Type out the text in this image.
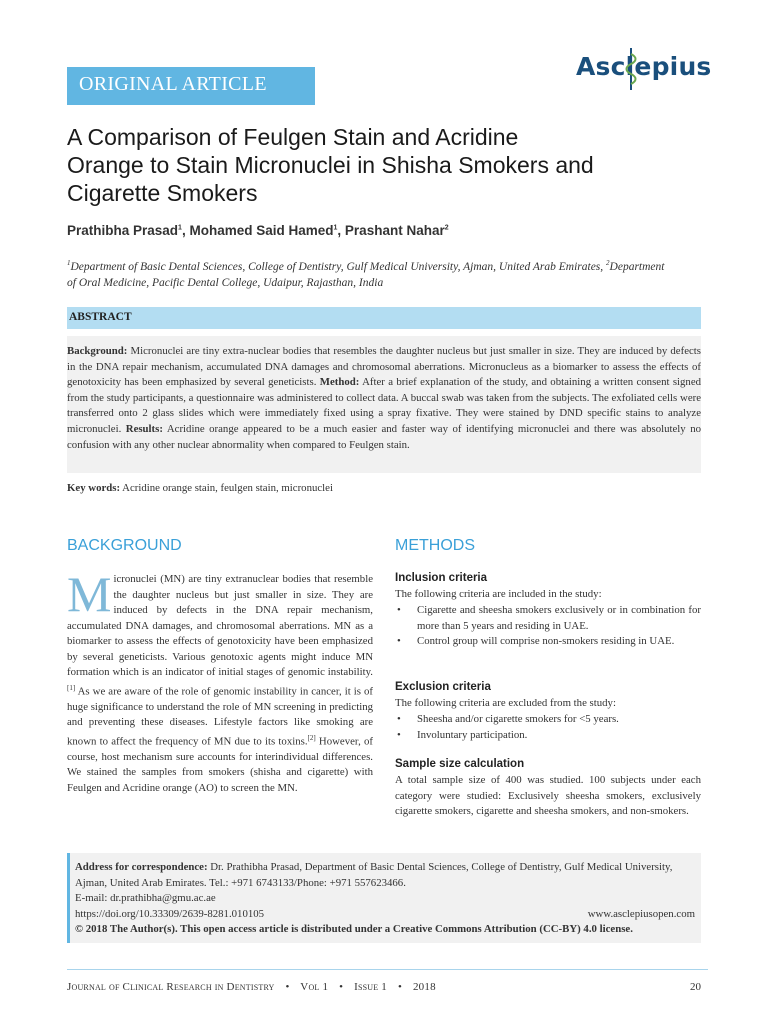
ORIGINAL ARTICLE
Asclepius
A Comparison of Feulgen Stain and Acridine
Orange to Stain Micronuclei in Shisha Smokers and
Cigarette Smokers
Prathibha Prasad$^1$, Mohamed Said Hamed$^1$, Prashant Nahar$^2$
$^1$Department of Basic Dental Sciences, College of Dentistry, Gulf Medical University, Ajman, United Arab Emirates, $^2$Department of Oral Medicine, Pacific Dental College, Udaipur, Rajasthan, India
ABSTRACT
Background: Micronuclei are tiny extra-nuclear bodies that resembles the daughter nucleus but just smaller in size. They are induced by defects in the DNA repair mechanism, accumulated DNA damages and chromosomal aberrations. Micronucleus as a biomarker to assess the effects of genotoxicity has been emphasized by several geneticists. Method: After a brief explanation of the study, and obtaining a written consent signed from the study participants, a questionnaire was administered to collect data. A buccal swab was taken from the subjects. The exfoliated cells were transferred onto 2 glass slides which were immediately fixed using a spray fixative. They were stained by DND specific stains to analyze micronuclei. Results: Acridine orange appeared to be a much easier and faster way of identifying micronuclei and there was absolutely no confusion with any other nuclear abnormality when compared to Feulgen stain.
Key words: Acridine orange stain, feulgen stain, micronuclei
BACKGROUND
Micronuclei (MN) are tiny extranuclear bodies that resemble the daughter nucleus but just smaller in size. They are induced by defects in the DNA repair mechanism, accumulated DNA damages, and chromosomal aberrations. MN as a biomarker to assess the effects of genotoxicity have been emphasized by several geneticists. Various genotoxic agents might induce MN formation which is an indicator of initial stages of genomic instability.[1] As we are aware of the role of genomic instability in cancer, it is of huge significance to understand the role of MN screening in predicting and preventing these diseases. Lifestyle factors like smoking are known to affect the frequency of MN due to its toxins.[2] However, of course, host mechanism sure accounts for interindividual differences. We stained the samples from smokers (shisha and cigarette) with Feulgen and Acridine orange (AO) to screen the MN.
METHODS
Inclusion criteria
The following criteria are included in the study:
• Cigarette and sheesha smokers exclusively or in combination for more than 5 years and residing in UAE.
• Control group will comprise non-smokers residing in UAE.
Exclusion criteria
The following criteria are excluded from the study:
• Sheesha and/or cigarette smokers for <5 years.
• Involuntary participation.
Sample size calculation
A total sample size of 400 was studied. 100 subjects under each category were studied: Exclusively sheesha smokers, exclusively cigarette smokers, cigarette and sheesha smokers, and non-smokers.
Address for correspondence: Dr. Prathibha Prasad, Department of Basic Dental Sciences, College of Dentistry, Gulf Medical University, Ajman, United Arab Emirates. Tel.: +971 6743133/Phone: +971 557623466.
E-mail: dr.prathibha@gmu.ac.ae
https://doi.org/10.33309/2639-8281.010105	www.asclepiusopen.com
© 2018 The Author(s). This open access article is distributed under a Creative Commons Attribution (CC-BY) 4.0 license.
Journal of Clinical Research in Dentistry • Vol 1 • Issue 1 • 2018	20
